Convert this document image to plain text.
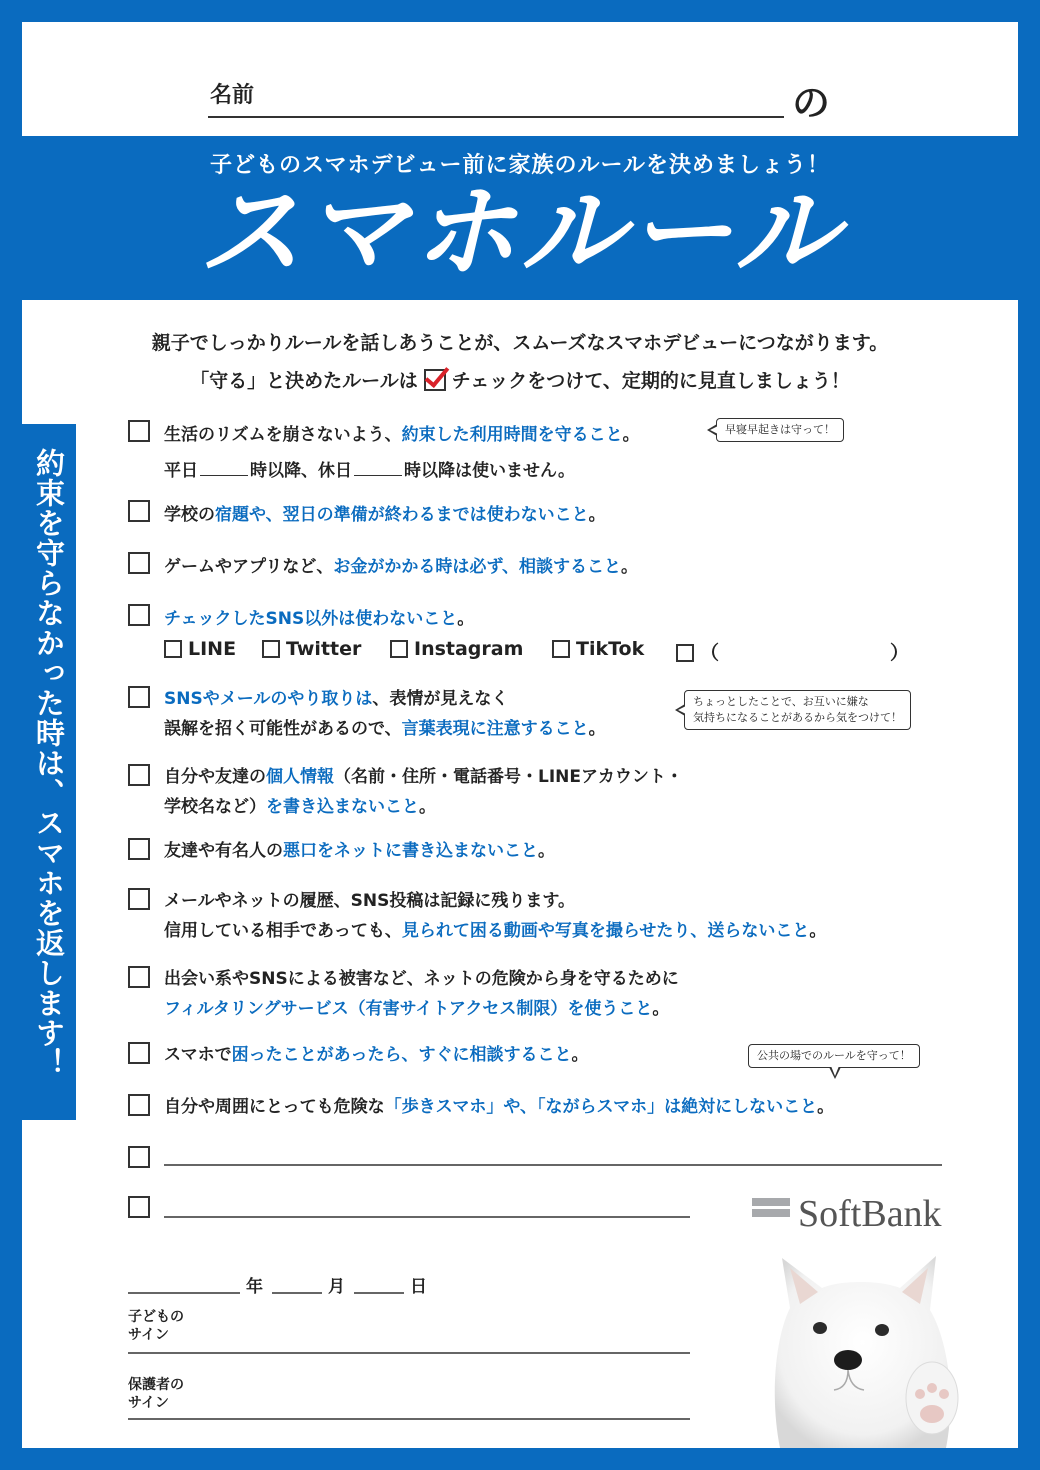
名前	の
子どものスマホデビュー前に家族のルールを決めましょう！
スマホルール
親子でしっかりルールを話しあうことが、スムーズなスマホデビューにつながります。
「守る」と決めたルールは チェックをつけて、定期的に見直しましょう！
約束を守らなかった時は、スマホを返します！
生活のリズムを崩さないよう、約束した利用時間を守ること。	早寝早起きは守って！
平日	時以降、休日	時以降は使いません。
学校の宿題や、翌日の準備が終わるまでは使わないこと。
ゲームやアプリなど、お金がかかる時は必ず、相談すること。
チェックしたSNS以外は使わないこと。
LINE	Twitter	Instagram	TikTok	（	）
SNSやメールのやり取りは、表情が見えなく
誤解を招く可能性があるので、言葉表現に注意すること。
ちょっとしたことで、お互いに嫌な
気持ちになることがあるから気をつけて！
自分や友達の個人情報（名前・住所・電話番号・LINEアカウント・
学校名など）を書き込まないこと。
友達や有名人の悪口をネットに書き込まないこと。
メールやネットの履歴、SNS投稿は記録に残ります。
信用している相手であっても、見られて困る動画や写真を撮らせたり、送らないこと。
出会い系やSNSによる被害など、ネットの危険から身を守るために
フィルタリングサービス（有害サイトアクセス制限）を使うこと。
スマホで困ったことがあったら、すぐに相談すること。	公共の場でのルールを守って！
自分や周囲にとっても危険な「歩きスマホ」や、「ながらスマホ」は絶対にしないこと。
SoftBank
年	月	日
子どもの
サイン
保護者の
サイン
